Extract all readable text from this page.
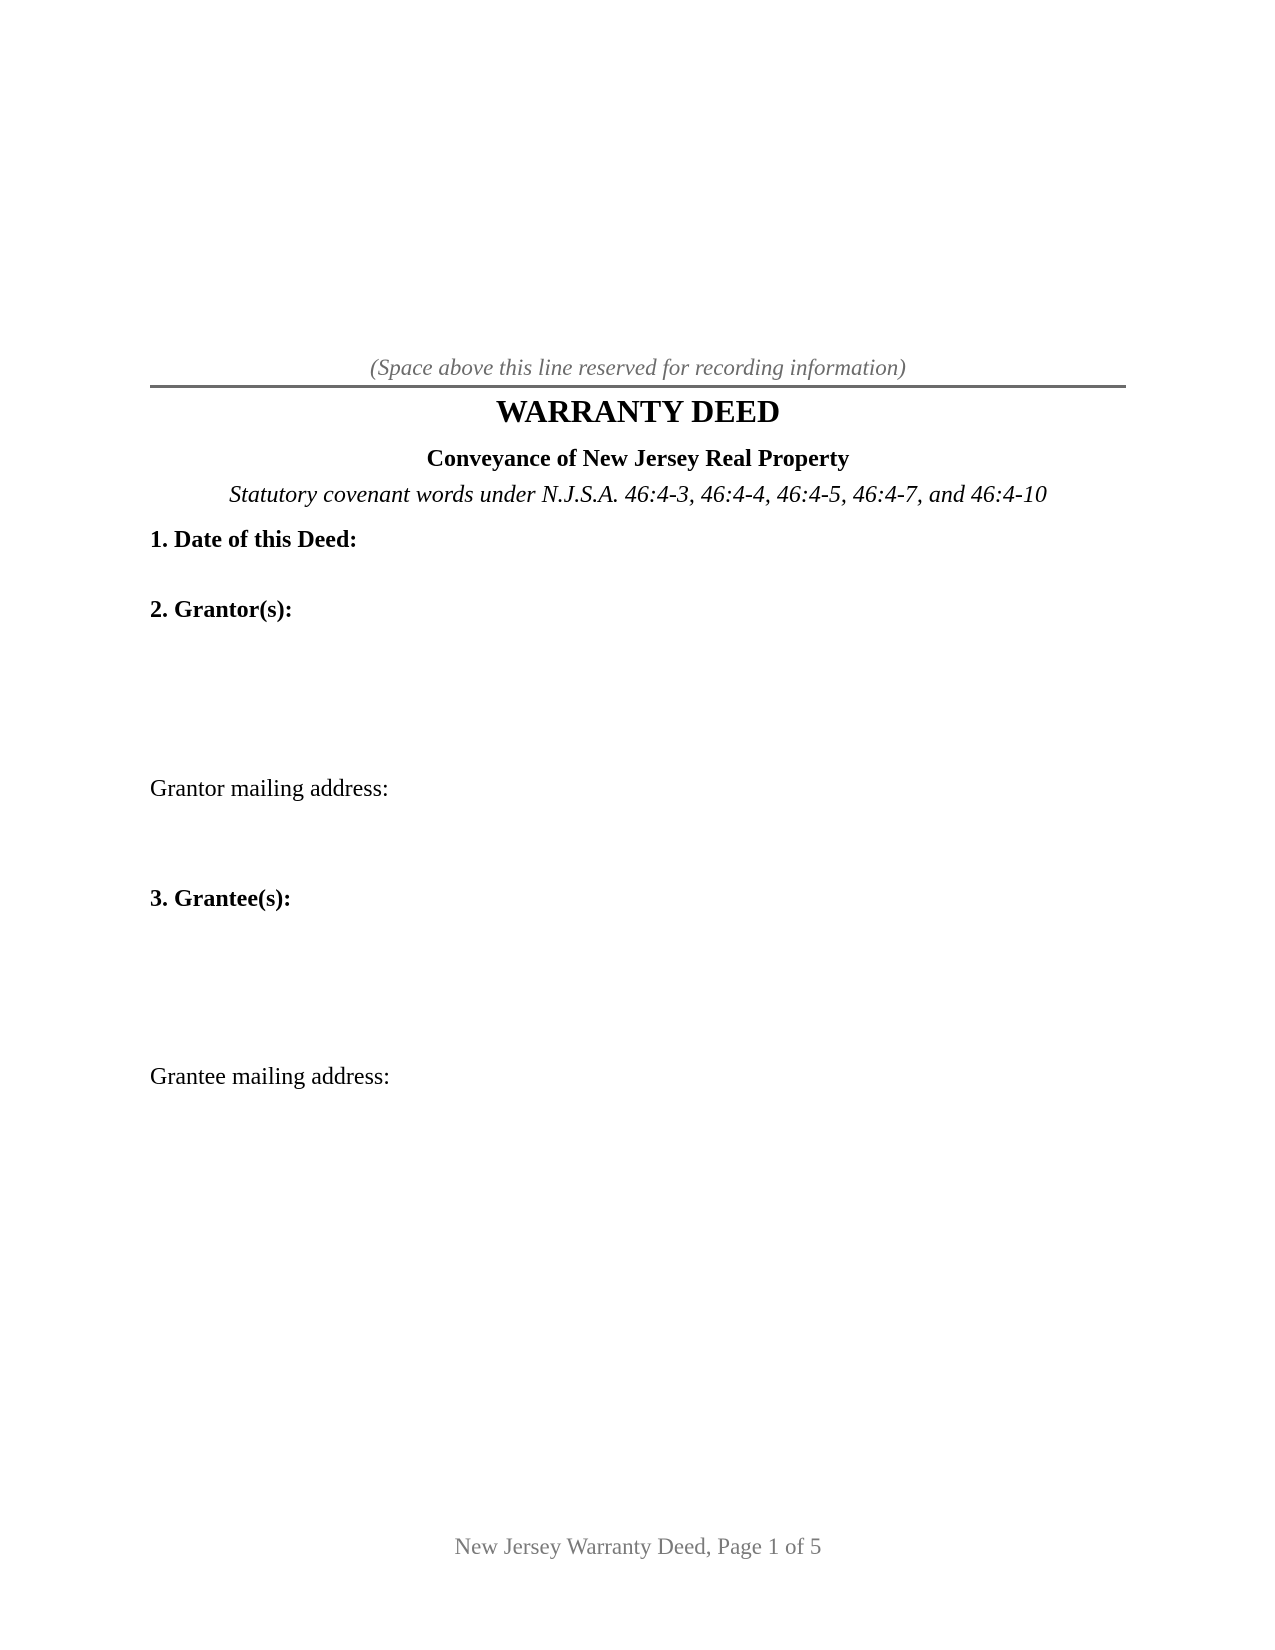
(Space above this line reserved for recording information)
WARRANTY DEED
Conveyance of New Jersey Real Property
Statutory covenant words under N.J.S.A. 46:4-3, 46:4-4, 46:4-5, 46:4-7, and 46:4-10
1. Date of this Deed:
2. Grantor(s):
Grantor mailing address:
3. Grantee(s):
Grantee mailing address:
New Jersey Warranty Deed, Page 1 of 5
